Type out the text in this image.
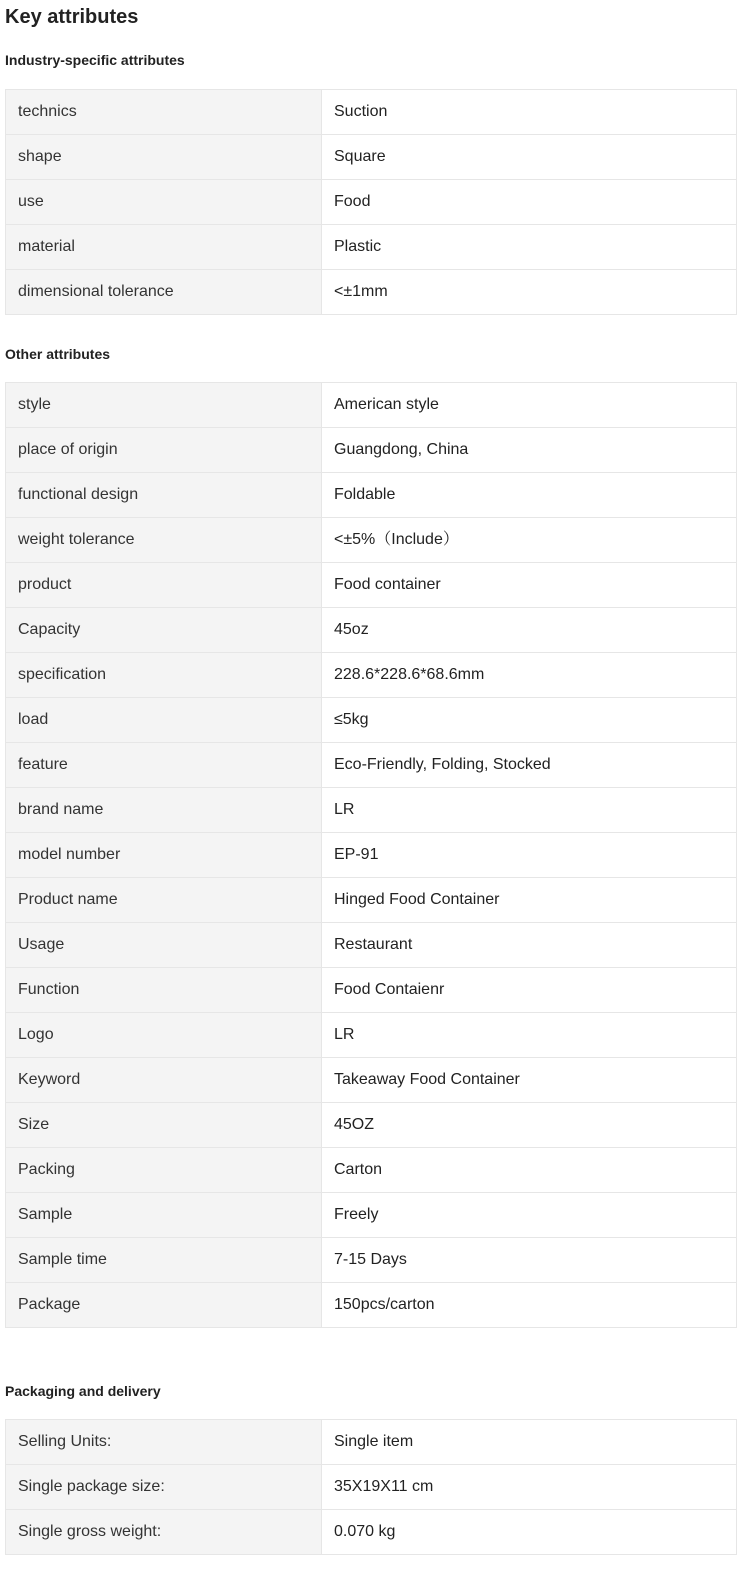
Key attributes
Industry-specific attributes
technics	Suction
shape	Square
use	Food
material	Plastic
dimensional tolerance	<±1mm
Other attributes
style	American style
place of origin	Guangdong, China
functional design	Foldable
weight tolerance	<±5%（Include）
product	Food container
Capacity	45oz
specification	228.6*228.6*68.6mm
load	≤5kg
feature	Eco-Friendly, Folding, Stocked
brand name	LR
model number	EP-91
Product name	Hinged Food Container
Usage	Restaurant
Function	Food Contaienr
Logo	LR
Keyword	Takeaway Food Container
Size	45OZ
Packing	Carton
Sample	Freely
Sample time	7-15 Days
Package	150pcs/carton
Packaging and delivery
Selling Units:	Single item
Single package size:	35X19X11 cm
Single gross weight:	0.070 kg
